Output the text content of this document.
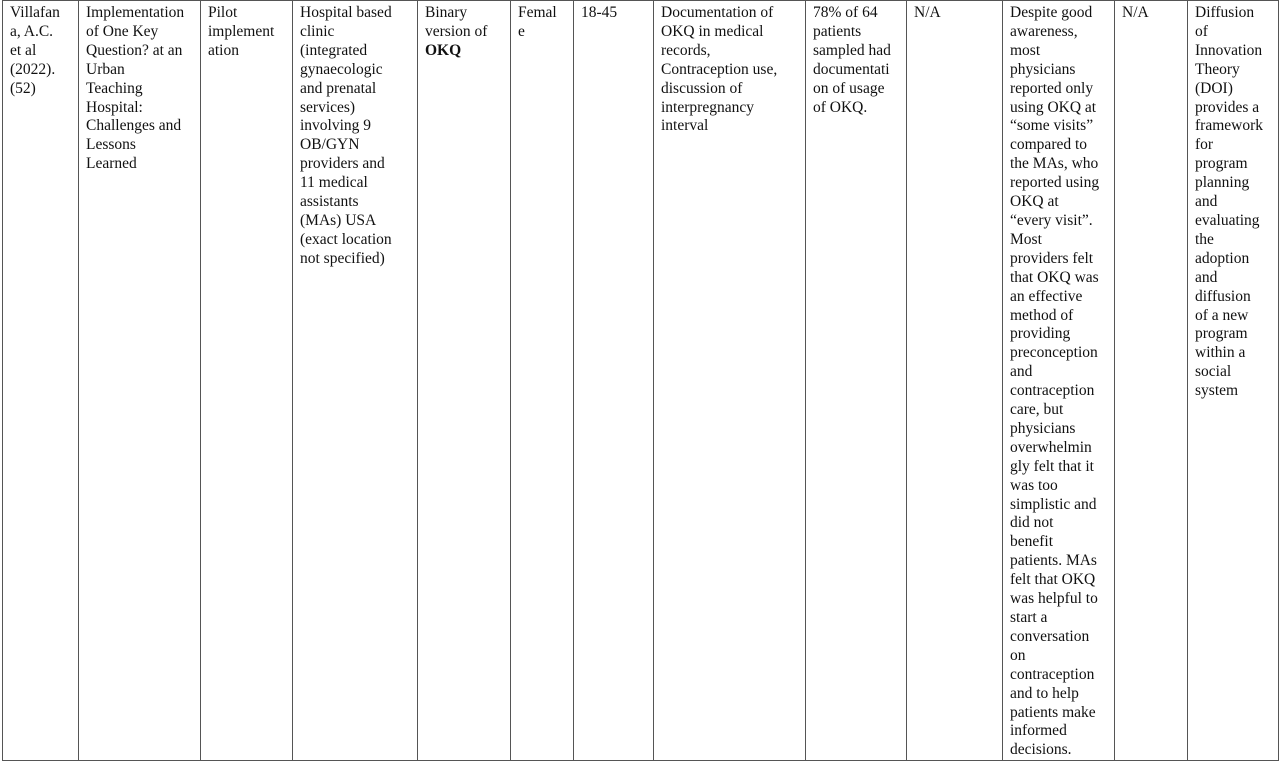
Villafan
a, A.C.
et al
(2022).
(52)	Implementation
of One Key
Question? at an
Urban
Teaching
Hospital:
Challenges and
Lessons
Learned	Pilot
implement
ation	Hospital based
clinic
(integrated
gynaecologic
and prenatal
services)
involving 9
OB/GYN
providers and
11 medical
assistants
(MAs) USA
(exact location
not specified)	Binary
version of
OKQ	Femal
e	18-45	Documentation of
OKQ in medical
records,
Contraception use,
discussion of
interpregnancy
interval	78% of 64
patients
sampled had
documentati
on of usage
of OKQ.	N/A	Despite good
awareness,
most
physicians
reported only
using OKQ at
“some visits”
compared to
the MAs, who
reported using
OKQ at
“every visit”.
Most
providers felt
that OKQ was
an effective
method of
providing
preconception
and
contraception
care, but
physicians
overwhelmin
gly felt that it
was too
simplistic and
did not
benefit
patients. MAs
felt that OKQ
was helpful to
start a
conversation
on
contraception
and to help
patients make
informed
decisions.	N/A	Diffusion
of
Innovation
Theory
(DOI)
provides a
framework
for
program
planning
and
evaluating
the
adoption
and
diffusion
of a new
program
within a
social
system
